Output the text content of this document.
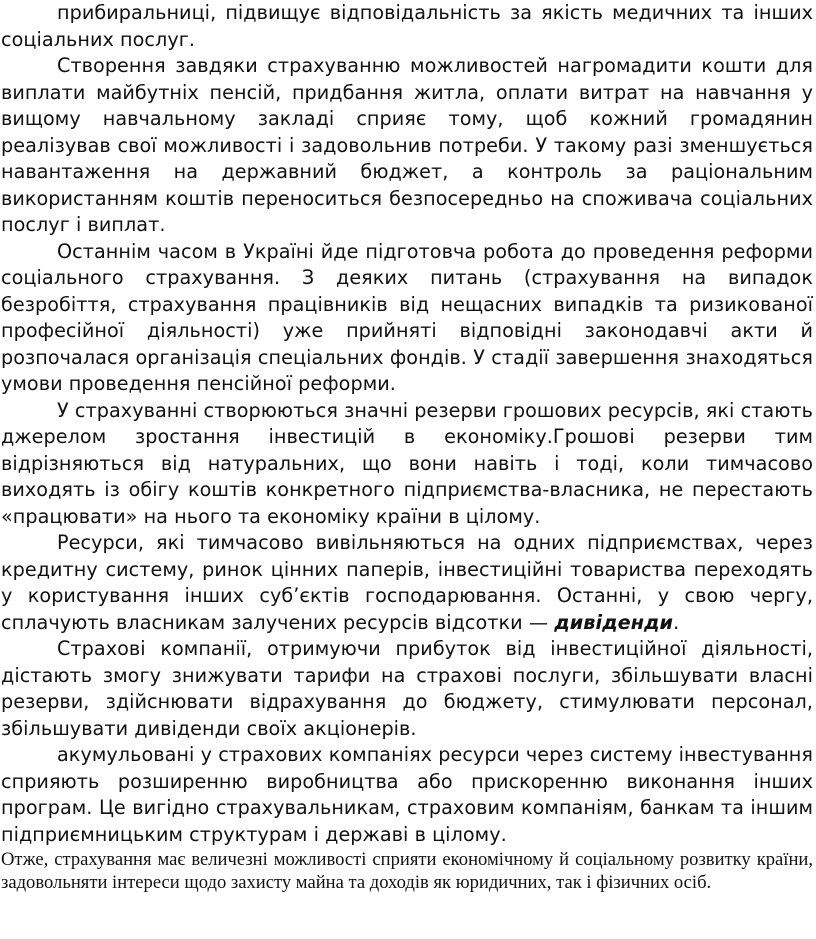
прибиральниці, підвищує відповідальність за якість медичних та інших соціальних послуг.

Створення завдяки страхуванню можливостей нагромадити кошти для виплати майбутніх пенсій, придбання житла, оплати витрат на навчання у вищому навчальному закладі сприяє тому, щоб кожний громадянин реалізував свої можливості і задовольнив потреби. У такому разі зменшується навантаження на державний бюджет, а контроль за раціональним використанням коштів переноситься безпосередньо на споживача соціальних послуг і виплат.

Останнім часом в Україні йде підготовча робота до проведення реформи соціального страхування. З деяких питань (страхування на випадок безробіття, страхування працівників від нещасних випадків та ризикованої професійної діяльності) уже прийняті відповідні законодавчі акти й розпочалася організація спеціальних фондів. У стадії завершення знаходяться умови проведення пенсійної реформи.

У страхуванні створюються значні резерви грошових ресурсів, які стають джерелом зростання інвестицій в економіку.Грошові резерви тим відрізняються від натуральних, що вони навіть і тоді, коли тимчасово виходять із обігу коштів конкретного підприємства-власника, не перестають «працювати» на нього та економіку країни в цілому.

Ресурси, які тимчасово вивільняються на одних підприємствах, через кредитну систему, ринок цінних паперів, інвестиційні товариства переходять у користування інших суб’єктів господарювання. Останні, у свою чергу, сплачують власникам залучених ресурсів відсотки — дивіденди.

Страхові компанії, отримуючи прибуток від інвестиційної діяльності, дістають змогу знижувати тарифи на страхові послуги, збільшувати власні резерви, здійснювати відрахування до бюджету, стимулювати персонал, збільшувати дивіденди своїх акціонерів.

акумульовані у страхових компаніях ресурси через систему інвестування сприяють розширенню виробництва або прискоренню виконання інших програм. Це вигідно страхувальникам, страховим компаніям, банкам та іншим підприємницьким структурам і державі в цілому.

Отже, страхування має величезні можливості сприяти економічному й соціальному розвитку країни, задовольняти інтереси щодо захисту майна та доходів як юридичних, так і фізичних осіб.
